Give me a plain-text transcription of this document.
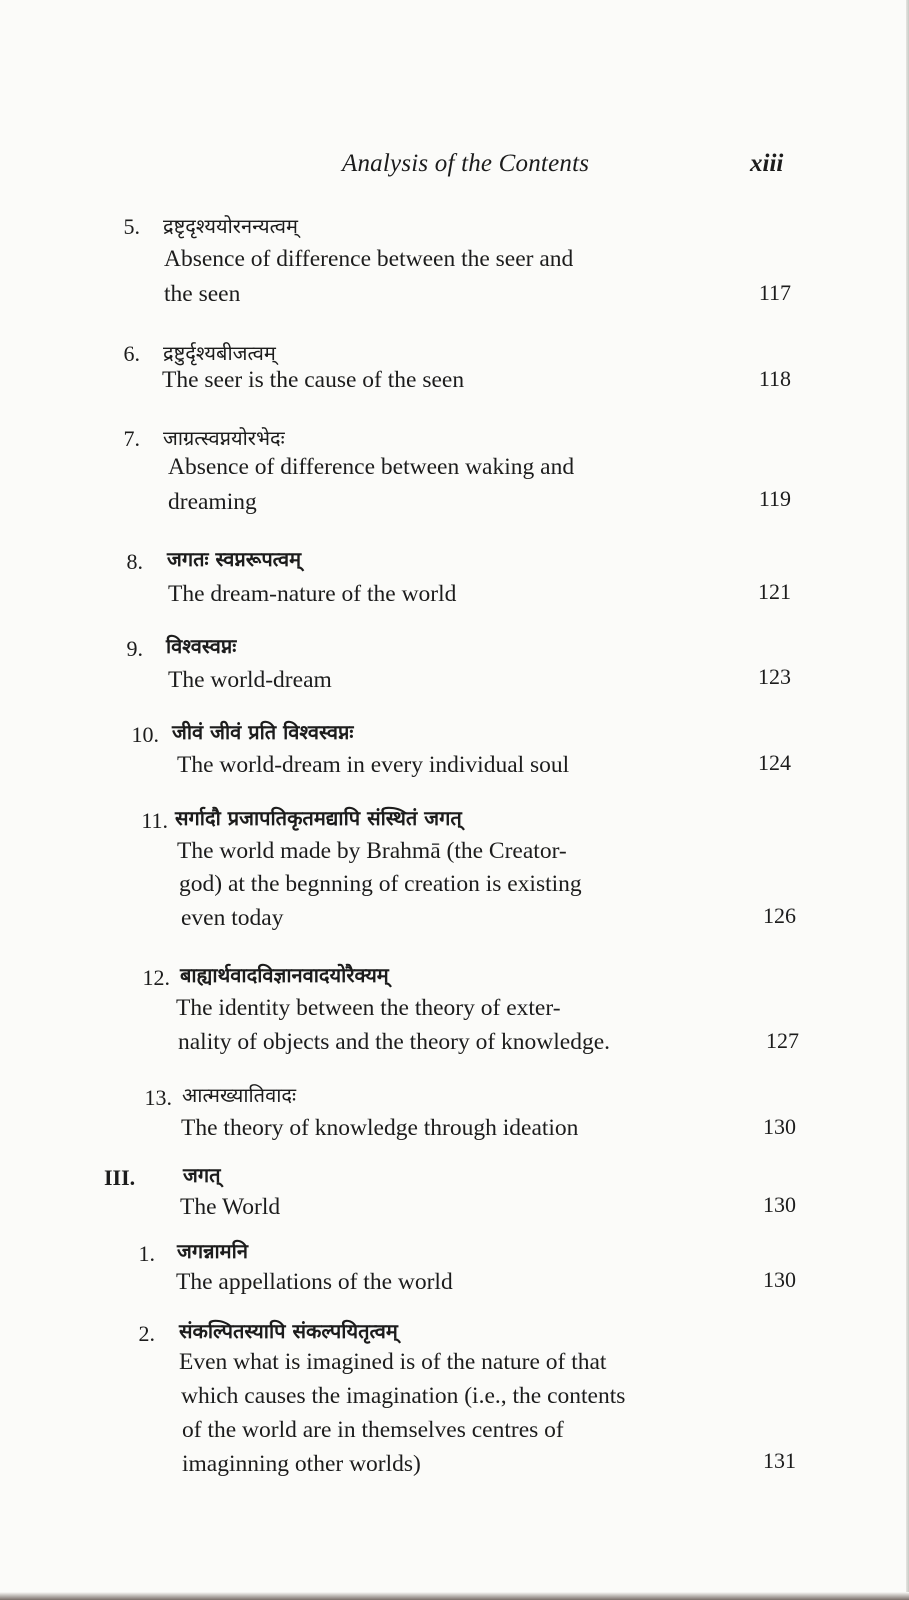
Analysis of the Contents	xiii
5. द्रष्टृदृश्ययोरनन्यत्वम्
Absence of difference between the seer and
the seen	117
6. द्रष्टुर्दृश्यबीजत्वम्
The seer is the cause of the seen	118
7. जाग्रत्स्वप्नयोरभेदः
Absence of difference between waking and
dreaming	119
8. जगतः स्वप्नरूपत्वम्
The dream-nature of the world	121
9. विश्वस्वप्नः
The world-dream	123
10. जीवं जीवं प्रति विश्वस्वप्नः
The world-dream in every individual soul	124
11. सर्गादौ प्रजापतिकृतमद्यापि संस्थितं जगत्
The world made by Brahmā (the Creator-
god) at the begnning of creation is existing
even today	126
12. बाह्यार्थवादविज्ञानवादयोरैक्यम्
The identity between the theory of exter-
nality of objects and the theory of knowledge.	127
13. आत्मख्यातिवादः
The theory of knowledge through ideation	130
III. जगत्
The World	130
1. जगन्नामनि
The appellations of the world	130
2. संकल्पितस्यापि संकल्पयितृत्वम्
Even what is imagined is of the nature of that
which causes the imagination (i.e., the contents
of the world are in themselves centres of
imaginning other worlds)	131
